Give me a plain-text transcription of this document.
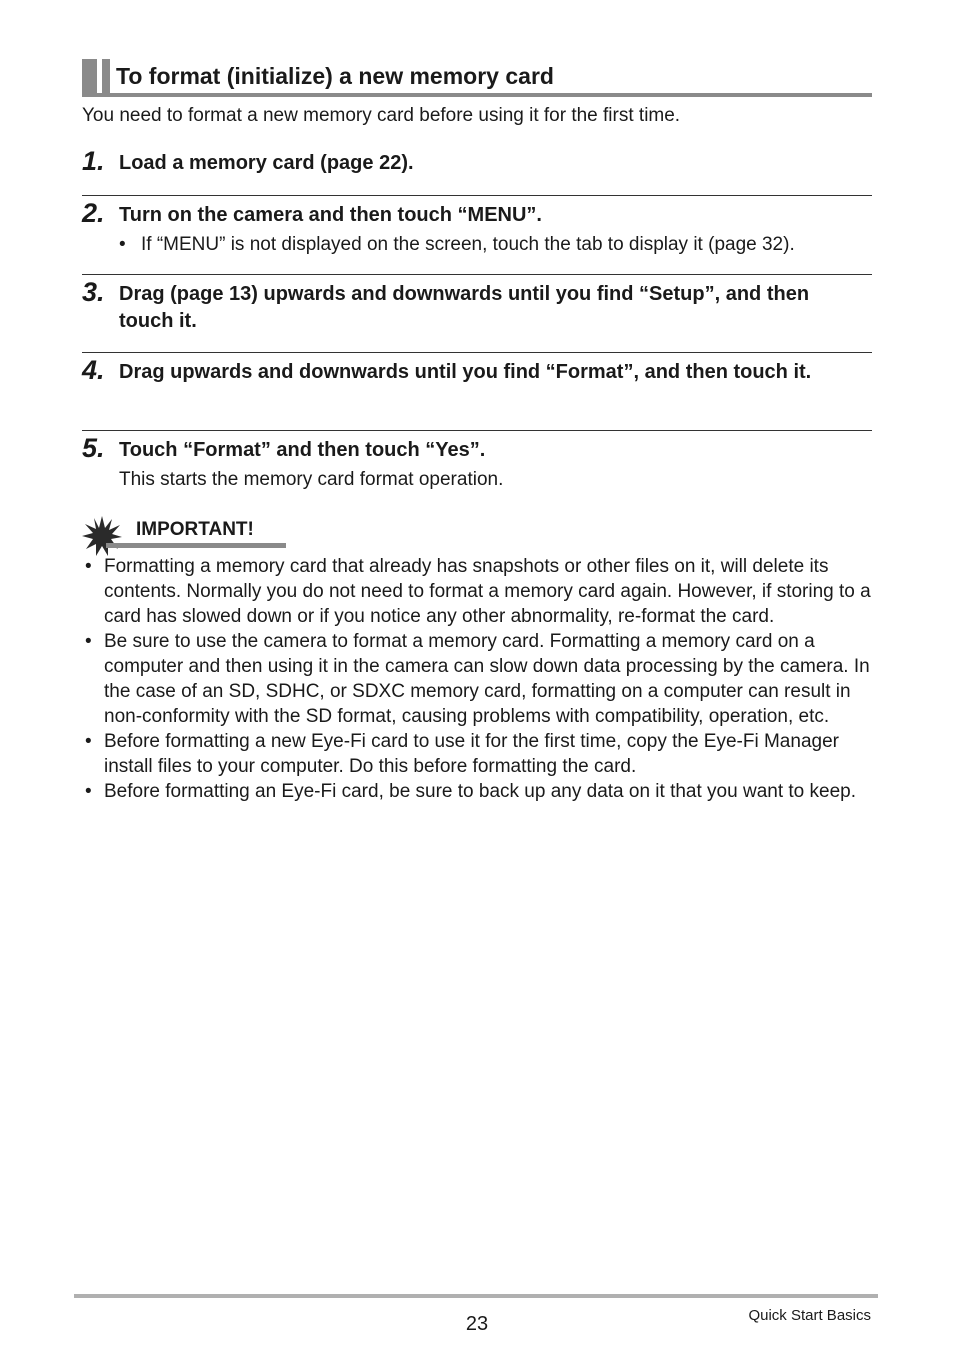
To format (initialize) a new memory card
You need to format a new memory card before using it for the first time.
1. Load a memory card (page 22).
2. Turn on the camera and then touch “MENU”.
• If “MENU” is not displayed on the screen, touch the tab to display it (page 32).
3. Drag (page 13) upwards and downwards until you find “Setup”, and then touch it.
4. Drag upwards and downwards until you find “Format”, and then touch it.
5. Touch “Format” and then touch “Yes”.
This starts the memory card format operation.
IMPORTANT!
• Formatting a memory card that already has snapshots or other files on it, will delete its contents. Normally you do not need to format a memory card again. However, if storing to a card has slowed down or if you notice any other abnormality, re-format the card.
• Be sure to use the camera to format a memory card. Formatting a memory card on a computer and then using it in the camera can slow down data processing by the camera. In the case of an SD, SDHC, or SDXC memory card, formatting on a computer can result in non-conformity with the SD format, causing problems with compatibility, operation, etc.
• Before formatting a new Eye-Fi card to use it for the first time, copy the Eye-Fi Manager install files to your computer. Do this before formatting the card.
• Before formatting an Eye-Fi card, be sure to back up any data on it that you want to keep.
23	Quick Start Basics
